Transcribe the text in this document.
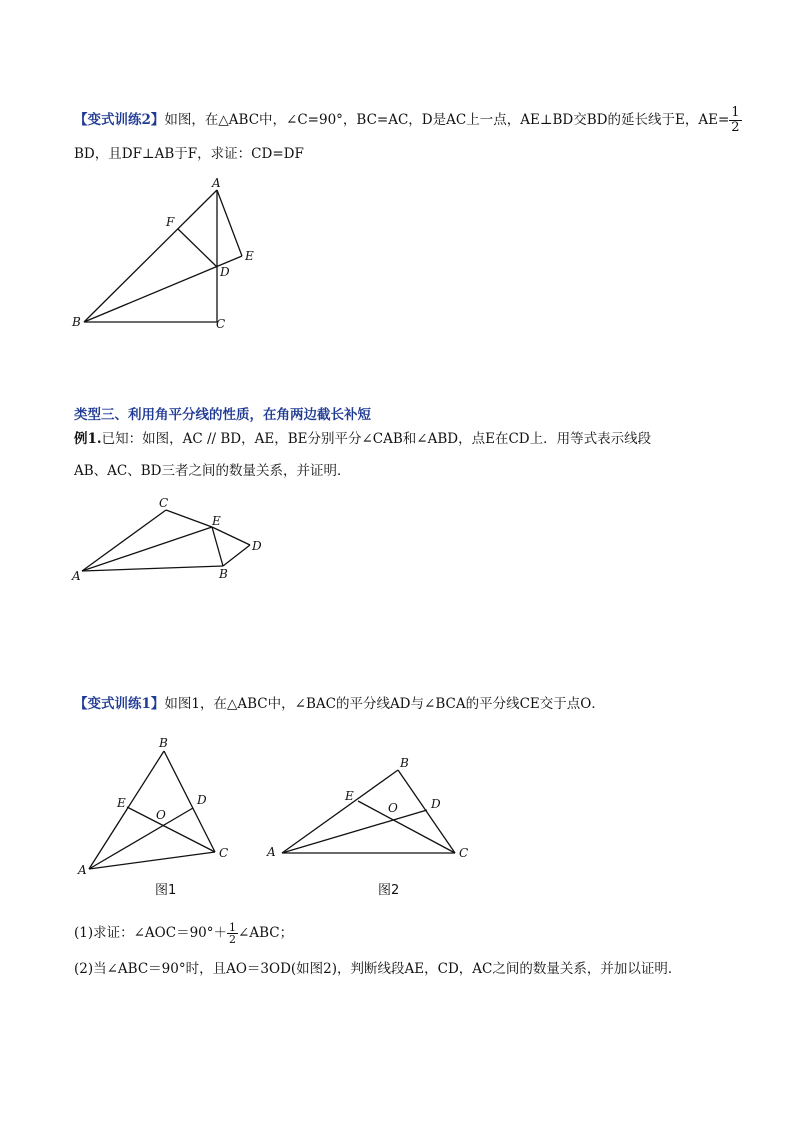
【变式训练2】如图，在△ABC中，∠C=90°，BC=AC，D是AC上一点，AE⊥BD交BD的延长线于E，$AE= \frac{1}{2}$
BD，且DF⊥AB于F，求证：CD=DF
A
B	C
D
E
F
C
E
D
A	B
B
E	D
O
A
C
B
E
D
O
A	C
类型三、利用角平分线的性质，在角两边截长补短
例1.已知：如图，AC // BD，AE，BE分别平分∠CAB和∠ABD，点E在CD上．用等式表示线段
AB、AC、BD三者之间的数量关系，并证明．
【变式训练1】如图1，在△ABC中，∠BAC的平分线AD与∠BCA的平分线CE交于点O．
图1	图2
(1)求证：∠AOC＝90°＋ $\frac{1}{2}$ ∠ABC；
(2)当∠ABC＝90°时，且AO＝3OD(如图2)，判断线段AE，CD，AC之间的数量关系，并加以证明．
